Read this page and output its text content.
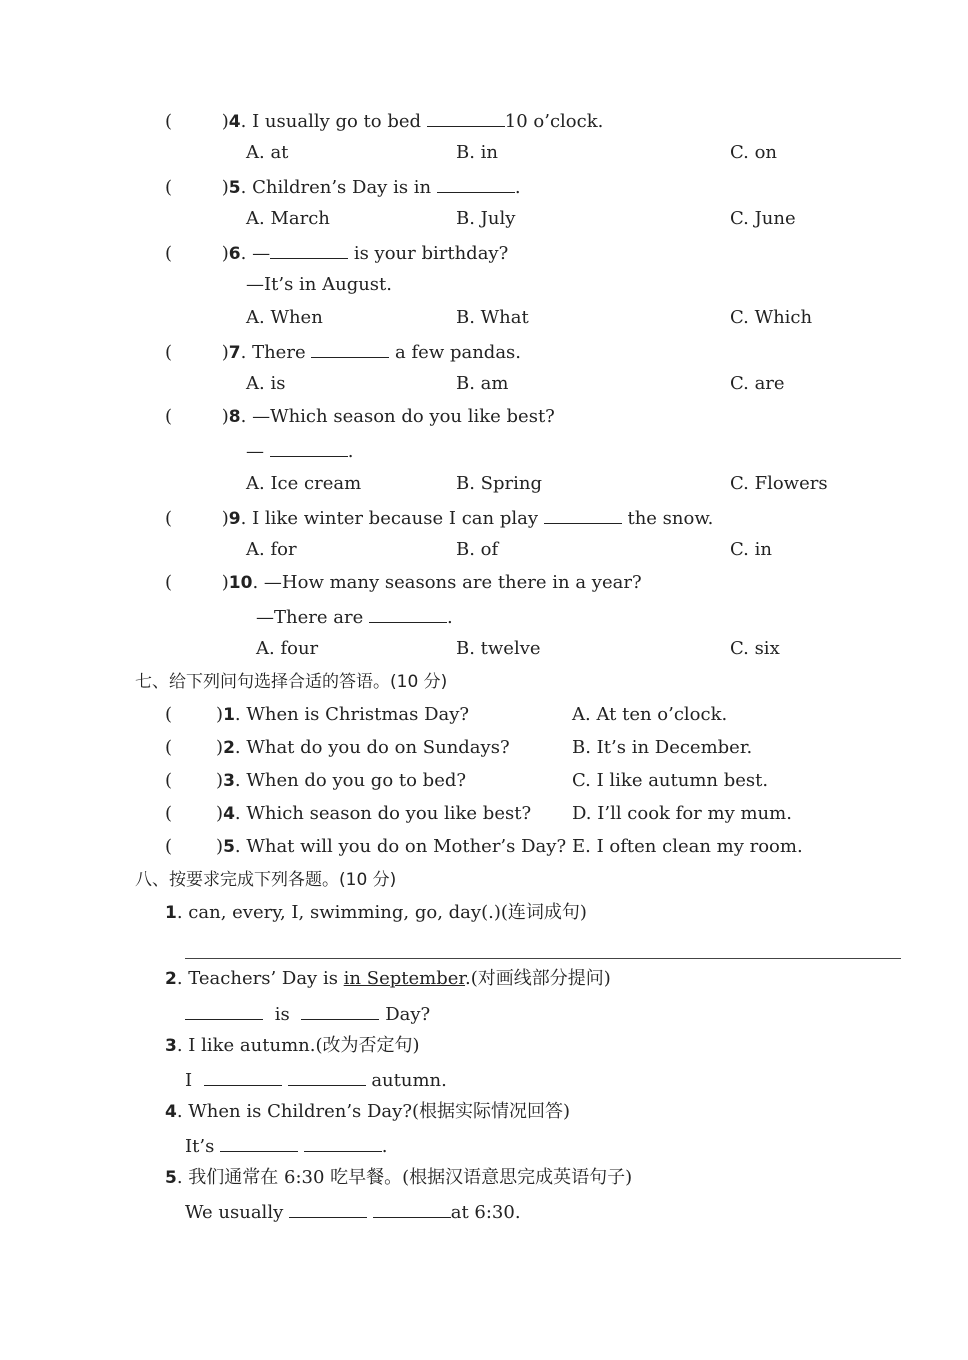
(	)4. I usually go to bed	10 o’clock.
A. at	B. in	C. on
(	)5. Children’s Day is in	.
A. March	B. July	C. June
(	)6. —	is your birthday?
—It’s in August.
A. When	B. What	C. Which
(	)7. There	a few pandas.
A. is	B. am	C. are
(	)8. —Which season do you like best?
—	.
A. Ice cream	B. Spring	C. Flowers
(	)9. I like winter because I can play	the snow.
A. for	B. of	C. in
(	)10. —How many seasons are there in a year?
—There are	.
A. four	B. twelve	C. six
七、给下列问句选择合适的答语。(10 分)
( )1. When is Christmas Day?	A. At ten o’clock.
( )2. What do you do on Sundays?	B. It’s in December.
( )3. When do you go to bed?	C. I like autumn best.
( )4. Which season do you like best? D. I’ll cook for my mum.
( )5. What will you do on Mother’s Day? E. I often clean my room.
八、按要求完成下列各题。(10 分)
1. can, every, I, swimming, go, day(.)(连词成句)
2. Teachers’ Day is in September.(对画线部分提问)
is	Day?
3. I like autumn.(改为否定句)
I	autumn.
4. When is Children’s Day?(根据实际情况回答)
It’s	.
5. 我们通常在 6:30 吃早餐。(根据汉语意思完成英语句子)
We usually	at 6:30.
